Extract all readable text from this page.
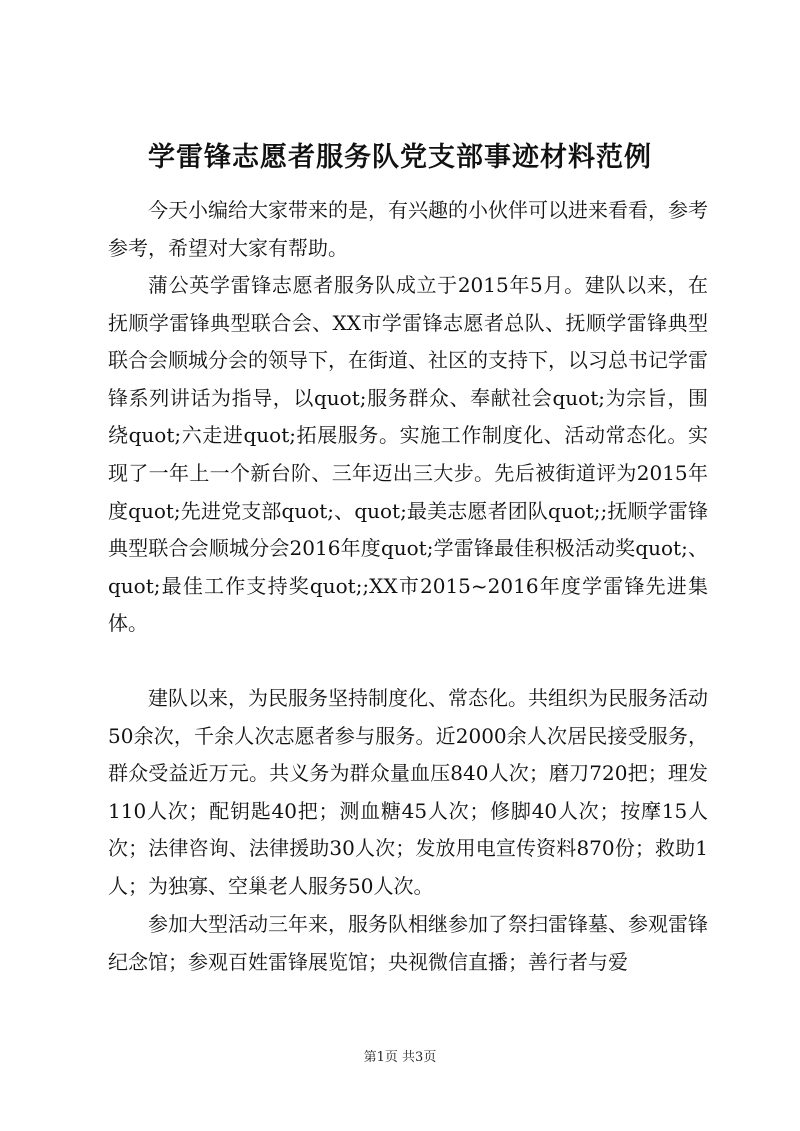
学雷锋志愿者服务队党支部事迹材料范例

今天小编给大家带来的是，有兴趣的小伙伴可以进来看看，参考参考，希望对大家有帮助。

蒲公英学雷锋志愿者服务队成立于2015年5月。建队以来，在抚顺学雷锋典型联合会、XX市学雷锋志愿者总队、抚顺学雷锋典型联合会顺城分会的领导下，在街道、社区的支持下，以习总书记学雷锋系列讲话为指导，以quot;服务群众、奉献社会quot;为宗旨，围绕quot;六走进quot;拓展服务。实施工作制度化、活动常态化。实现了一年上一个新台阶、三年迈出三大步。先后被街道评为2015年度quot;先进党支部quot;、quot;最美志愿者团队quot;;抚顺学雷锋典型联合会顺城分会2016年度quot;学雷锋最佳积极活动奖quot;、quot;最佳工作支持奖quot;;XX市2015~2016年度学雷锋先进集体。

建队以来，为民服务坚持制度化、常态化。共组织为民服务活动50余次，千余人次志愿者参与服务。近2000余人次居民接受服务，群众受益近万元。共义务为群众量血压840人次；磨刀720把；理发110人次；配钥匙40把；测血糖45人次；修脚40人次；按摩15人次；法律咨询、法律援助30人次；发放用电宣传资料870份；救助1人；为独寡、空巢老人服务50人次。

参加大型活动三年来，服务队相继参加了祭扫雷锋墓、参观雷锋纪念馆；参观百姓雷锋展览馆；央视微信直播；善行者与爱

第1页 共3页
